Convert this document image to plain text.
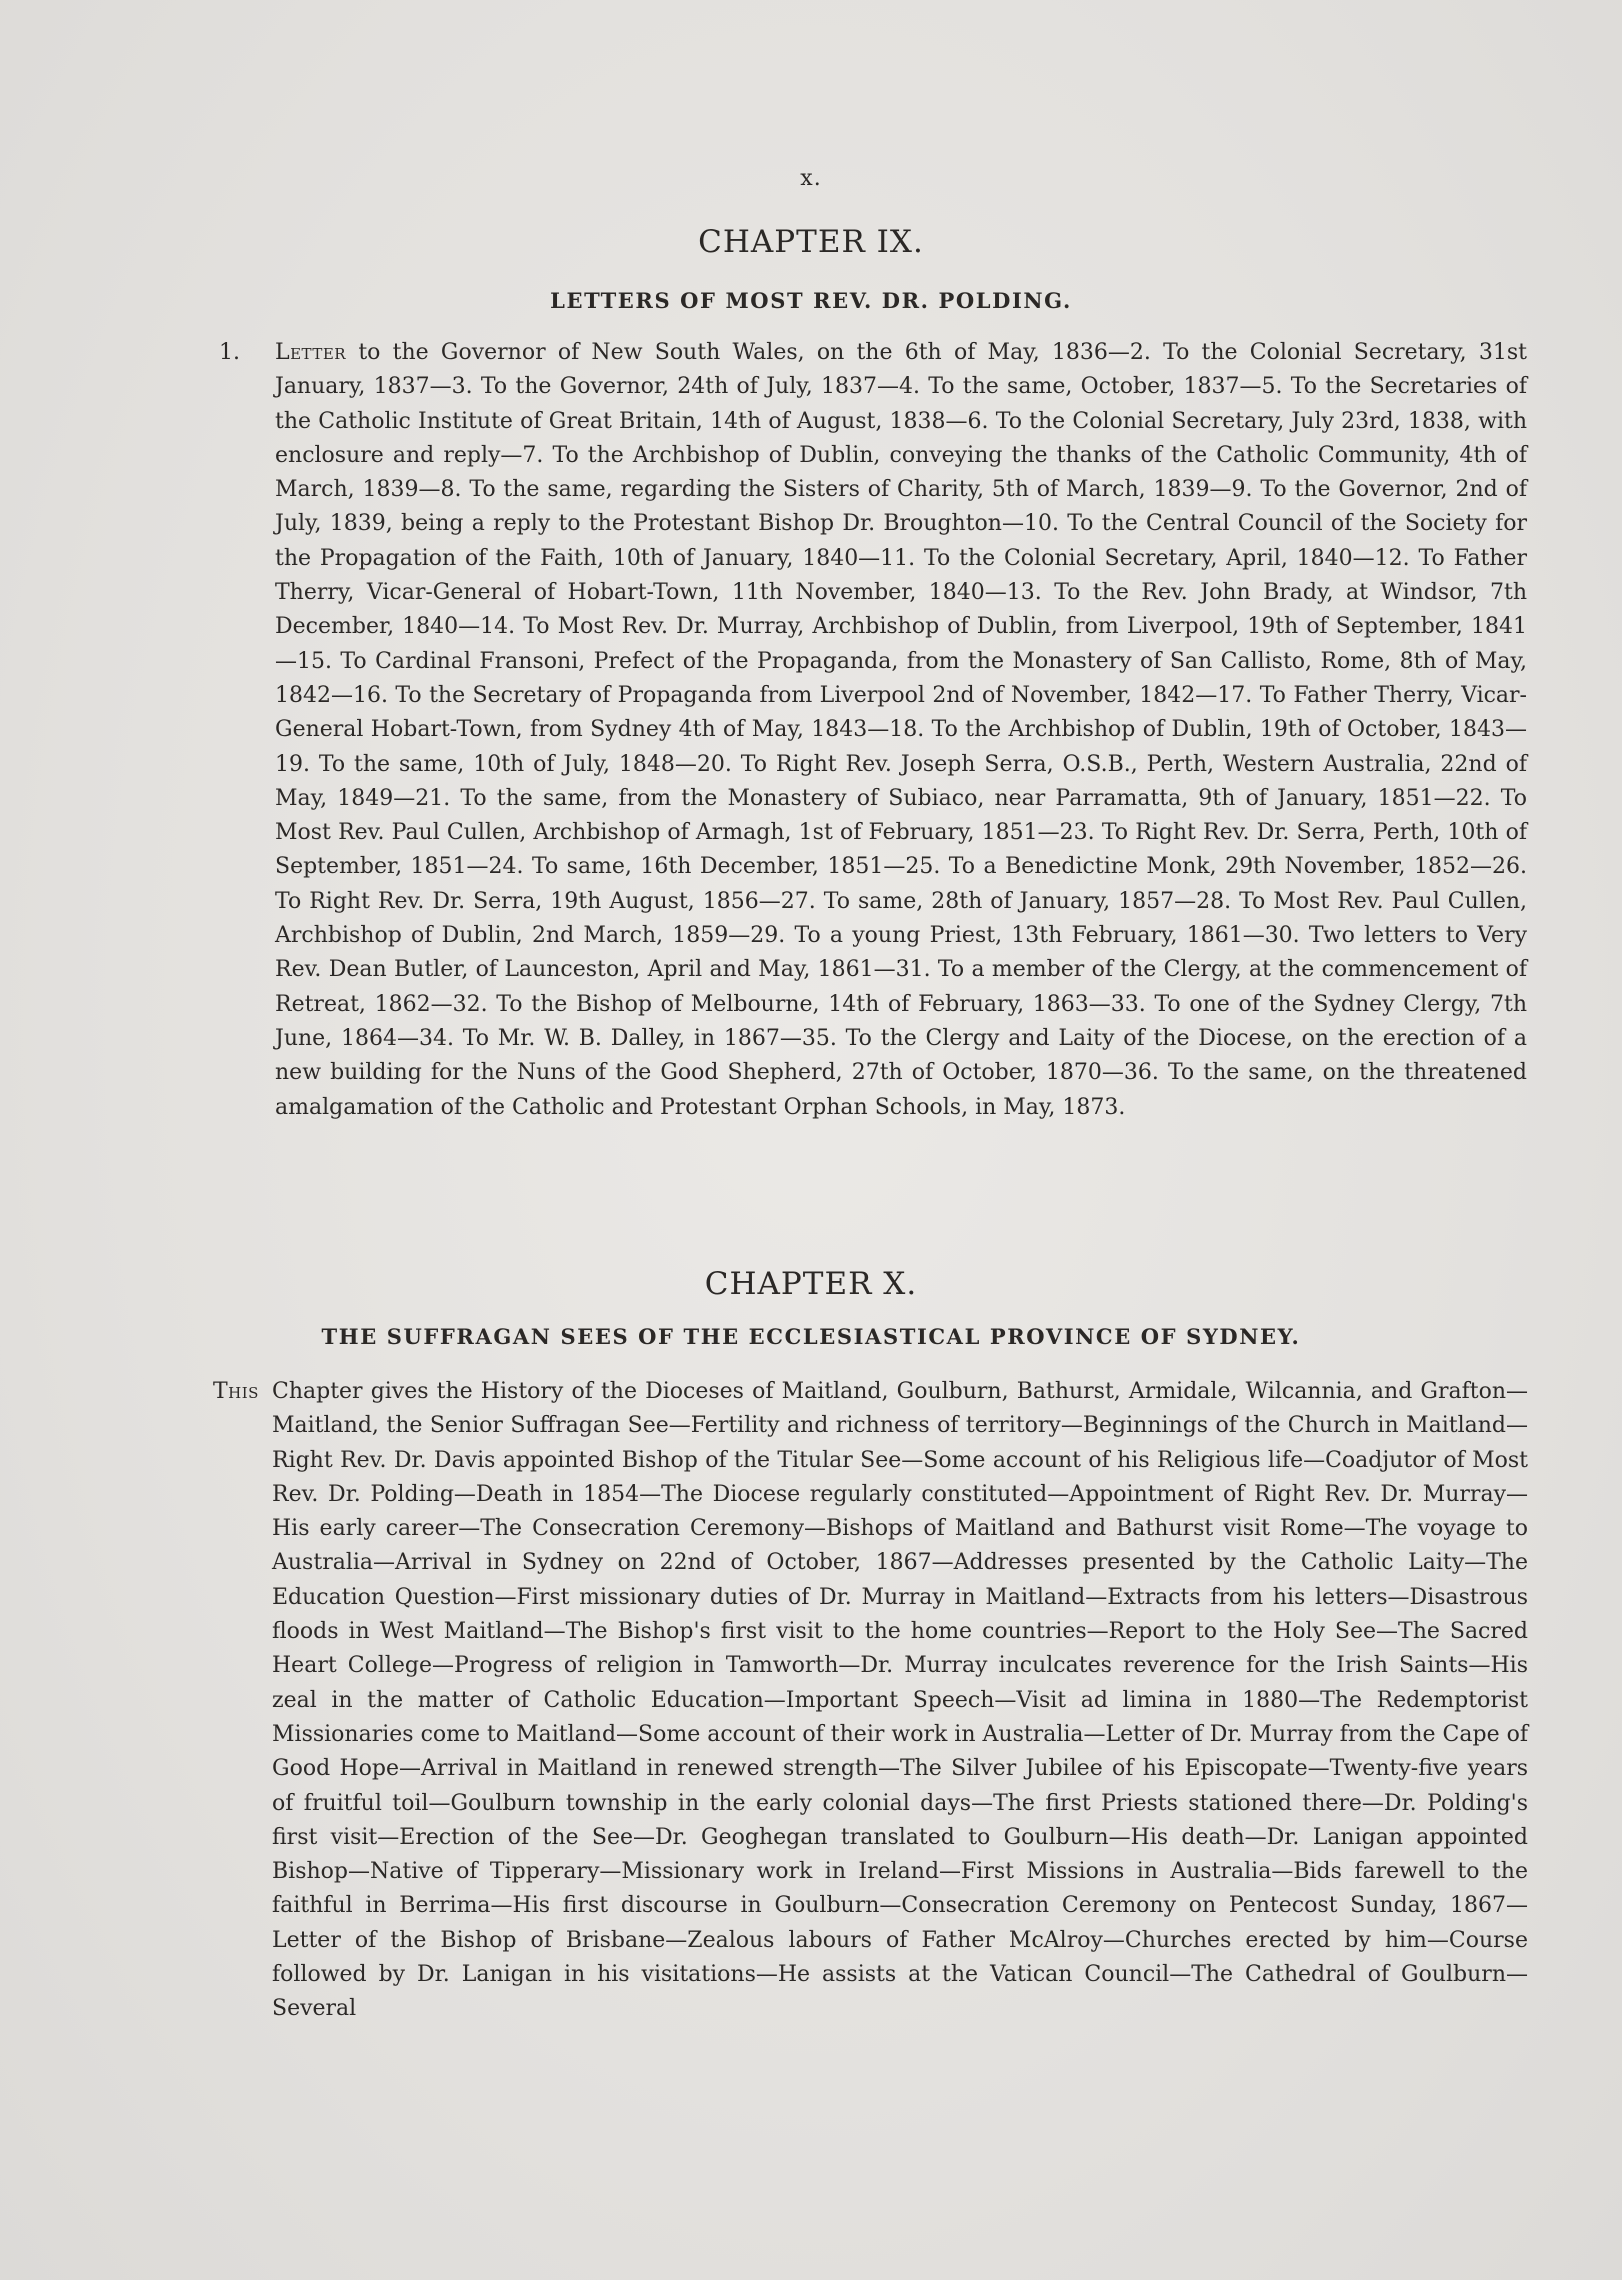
x.
CHAPTER IX.
LETTERS OF MOST REV. DR. POLDING.
1. Letter to the Governor of New South Wales, on the 6th of May, 1836—2. To the Colonial Secretary, 31st January, 1837—3. To the Governor, 24th of July, 1837—4. To the same, October, 1837—5. To the Secretaries of the Catholic Institute of Great Britain, 14th of August, 1838—6. To the Colonial Secretary, July 23rd, 1838, with enclosure and reply—7. To the Archbishop of Dublin, conveying the thanks of the Catholic Community, 4th of March, 1839—8. To the same, regarding the Sisters of Charity, 5th of March, 1839—9. To the Governor, 2nd of July, 1839, being a reply to the Protestant Bishop Dr. Broughton—10. To the Central Council of the Society for the Propagation of the Faith, 10th of January, 1840—11. To the Colonial Secretary, April, 1840—12. To Father Therry, Vicar-General of Hobart-Town, 11th November, 1840—13. To the Rev. John Brady, at Windsor, 7th December, 1840—14. To Most Rev. Dr. Murray, Archbishop of Dublin, from Liverpool, 19th of September, 1841—15. To Cardinal Fransoni, Prefect of the Propaganda, from the Monastery of San Callisto, Rome, 8th of May, 1842—16. To the Secretary of Propaganda from Liverpool 2nd of November, 1842—17. To Father Therry, Vicar-General Hobart-Town, from Sydney 4th of May, 1843—18. To the Archbishop of Dublin, 19th of October, 1843—19. To the same, 10th of July, 1848—20. To Right Rev. Joseph Serra, O.S.B., Perth, Western Australia, 22nd of May, 1849—21. To the same, from the Monastery of Subiaco, near Parramatta, 9th of January, 1851—22. To Most Rev. Paul Cullen, Archbishop of Armagh, 1st of February, 1851—23. To Right Rev. Dr. Serra, Perth, 10th of September, 1851—24. To same, 16th December, 1851—25. To a Benedictine Monk, 29th November, 1852—26. To Right Rev. Dr. Serra, 19th August, 1856—27. To same, 28th of January, 1857—28. To Most Rev. Paul Cullen, Archbishop of Dublin, 2nd March, 1859—29. To a young Priest, 13th February, 1861—30. Two letters to Very Rev. Dean Butler, of Launceston, April and May, 1861—31. To a member of the Clergy, at the commencement of Retreat, 1862—32. To the Bishop of Melbourne, 14th of February, 1863—33. To one of the Sydney Clergy, 7th June, 1864—34. To Mr. W. B. Dalley, in 1867—35. To the Clergy and Laity of the Diocese, on the erection of a new building for the Nuns of the Good Shepherd, 27th of October, 1870—36. To the same, on the threatened amalgamation of the Catholic and Protestant Orphan Schools, in May, 1873.

CHAPTER X.
THE SUFFRAGAN SEES OF THE ECCLESIASTICAL PROVINCE OF SYDNEY.
This Chapter gives the History of the Dioceses of Maitland, Goulburn, Bathurst, Armidale, Wilcannia, and Grafton—Maitland, the Senior Suffragan See—Fertility and richness of territory—Beginnings of the Church in Maitland—Right Rev. Dr. Davis appointed Bishop of the Titular See—Some account of his Religious life—Coadjutor of Most Rev. Dr. Polding—Death in 1854—The Diocese regularly constituted—Appointment of Right Rev. Dr. Murray—His early career—The Consecration Ceremony—Bishops of Maitland and Bathurst visit Rome—The voyage to Australia—Arrival in Sydney on 22nd of October, 1867—Addresses presented by the Catholic Laity—The Education Question—First missionary duties of Dr. Murray in Maitland—Extracts from his letters—Disastrous floods in West Maitland—The Bishop's first visit to the home countries—Report to the Holy See—The Sacred Heart College—Progress of religion in Tamworth—Dr. Murray inculcates reverence for the Irish Saints—His zeal in the matter of Catholic Education—Important Speech—Visit ad limina in 1880—The Redemptorist Missionaries come to Maitland—Some account of their work in Australia—Letter of Dr. Murray from the Cape of Good Hope—Arrival in Maitland in renewed strength—The Silver Jubilee of his Episcopate—Twenty-five years of fruitful toil—Goulburn township in the early colonial days—The first Priests stationed there—Dr. Polding's first visit—Erection of the See—Dr. Geoghegan translated to Goulburn—His death—Dr. Lanigan appointed Bishop—Native of Tipperary—Missionary work in Ireland—First Missions in Australia—Bids farewell to the faithful in Berrima—His first discourse in Goulburn—Consecration Ceremony on Pentecost Sunday, 1867—Letter of the Bishop of Brisbane—Zealous labours of Father McAlroy—Churches erected by him—Course followed by Dr. Lanigan in his visitations—He assists at the Vatican Council—The Cathedral of Goulburn—Several
